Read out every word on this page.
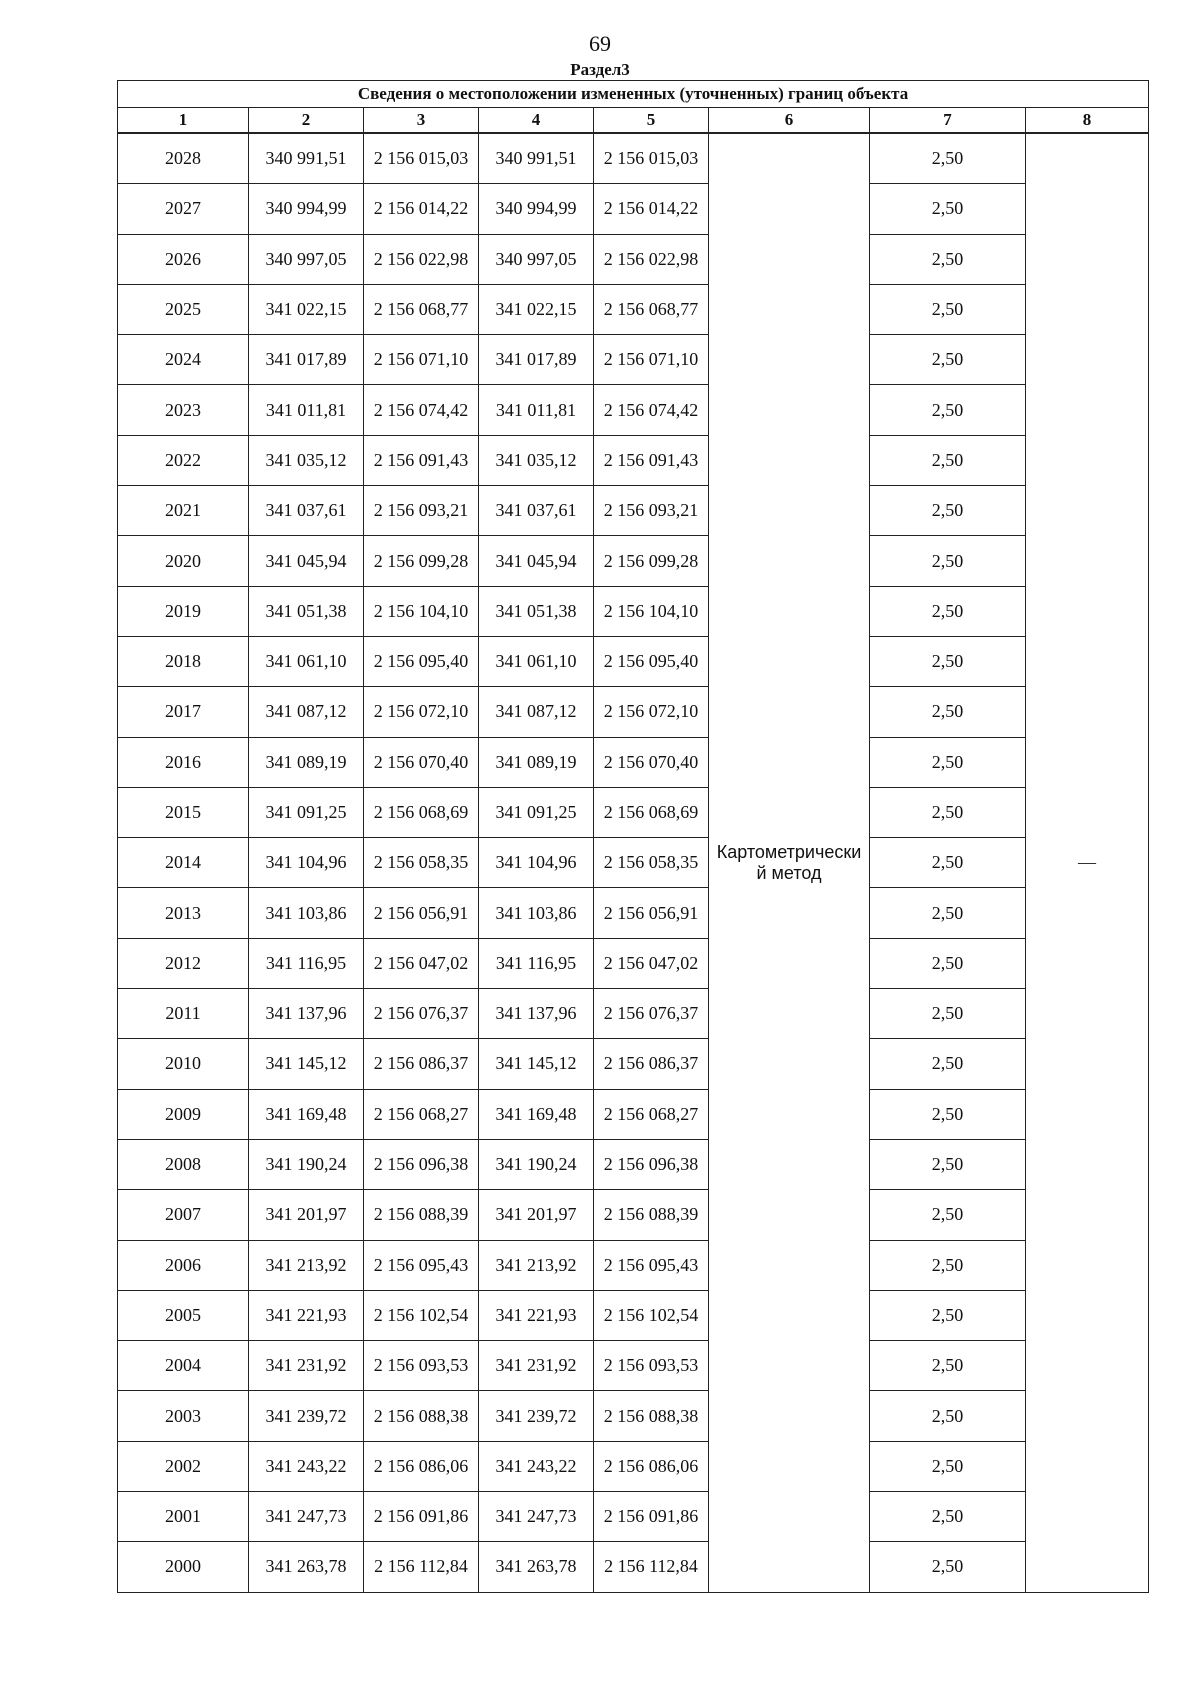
69
Раздел3
Сведения о местоположении измененных (уточненных) границ объекта							
1	2	3	4	5	6	7	8
2028	340 991,51	2 156 015,03	340 991,51	2 156 015,03	Картометрически й метод	2,50	—
2027	340 994,99	2 156 014,22	340 994,99	2 156 014,22		2,50	
2026	340 997,05	2 156 022,98	340 997,05	2 156 022,98		2,50	
2025	341 022,15	2 156 068,77	341 022,15	2 156 068,77		2,50	
2024	341 017,89	2 156 071,10	341 017,89	2 156 071,10		2,50	
2023	341 011,81	2 156 074,42	341 011,81	2 156 074,42		2,50	
2022	341 035,12	2 156 091,43	341 035,12	2 156 091,43		2,50	
2021	341 037,61	2 156 093,21	341 037,61	2 156 093,21		2,50	
2020	341 045,94	2 156 099,28	341 045,94	2 156 099,28		2,50	
2019	341 051,38	2 156 104,10	341 051,38	2 156 104,10		2,50	
2018	341 061,10	2 156 095,40	341 061,10	2 156 095,40		2,50	
2017	341 087,12	2 156 072,10	341 087,12	2 156 072,10		2,50	
2016	341 089,19	2 156 070,40	341 089,19	2 156 070,40		2,50	
2015	341 091,25	2 156 068,69	341 091,25	2 156 068,69		2,50	
2014	341 104,96	2 156 058,35	341 104,96	2 156 058,35		2,50	
2013	341 103,86	2 156 056,91	341 103,86	2 156 056,91		2,50	
2012	341 116,95	2 156 047,02	341 116,95	2 156 047,02		2,50	
2011	341 137,96	2 156 076,37	341 137,96	2 156 076,37		2,50	
2010	341 145,12	2 156 086,37	341 145,12	2 156 086,37		2,50	
2009	341 169,48	2 156 068,27	341 169,48	2 156 068,27		2,50	
2008	341 190,24	2 156 096,38	341 190,24	2 156 096,38		2,50	
2007	341 201,97	2 156 088,39	341 201,97	2 156 088,39		2,50	
2006	341 213,92	2 156 095,43	341 213,92	2 156 095,43		2,50	
2005	341 221,93	2 156 102,54	341 221,93	2 156 102,54		2,50	
2004	341 231,92	2 156 093,53	341 231,92	2 156 093,53		2,50	
2003	341 239,72	2 156 088,38	341 239,72	2 156 088,38		2,50	
2002	341 243,22	2 156 086,06	341 243,22	2 156 086,06		2,50	
2001	341 247,73	2 156 091,86	341 247,73	2 156 091,86		2,50	
2000	341 263,78	2 156 112,84	341 263,78	2 156 112,84		2,50	
